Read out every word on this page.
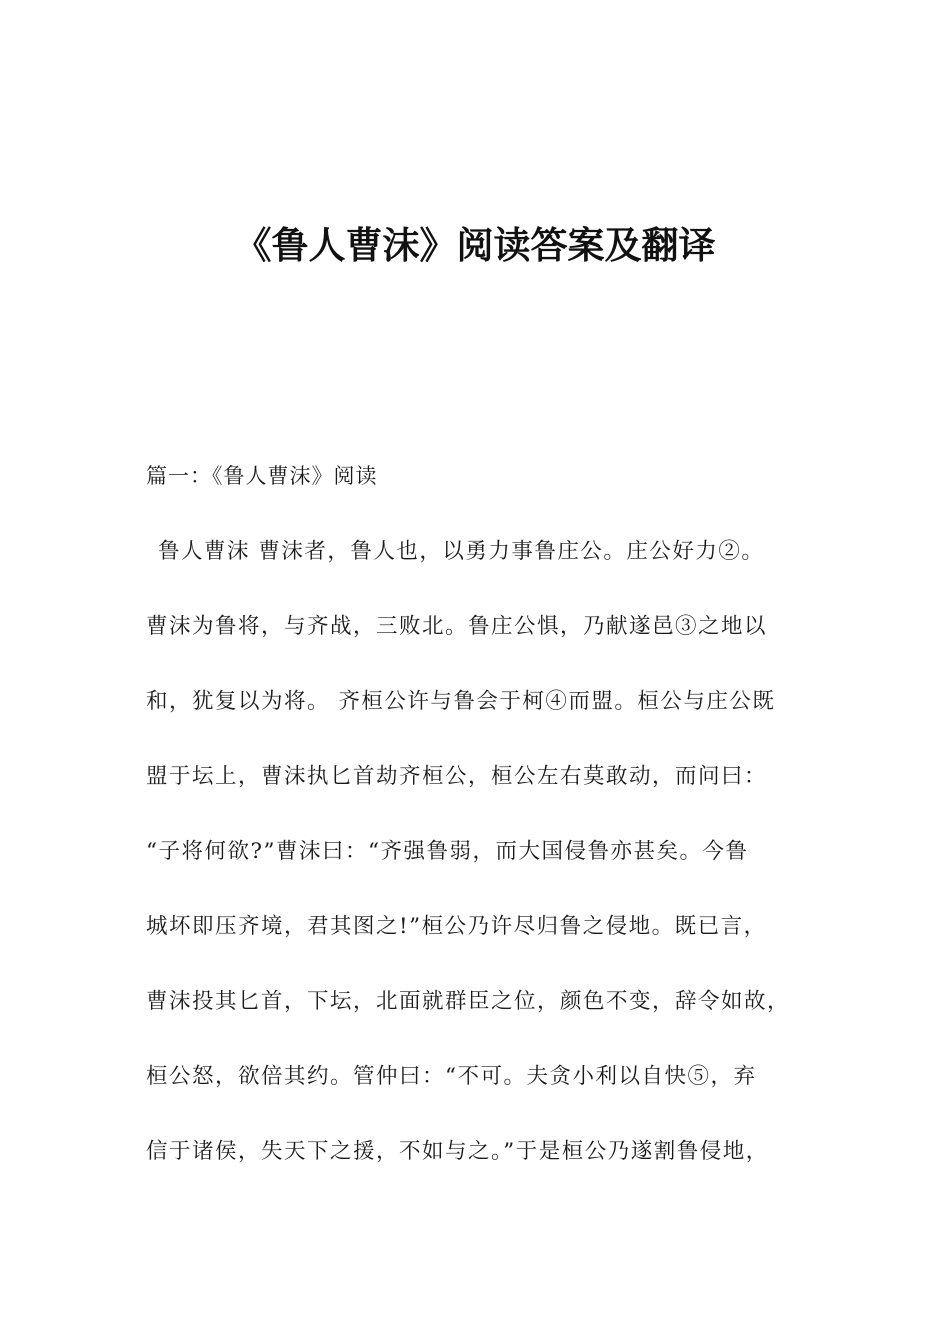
《鲁人曹沫》阅读答案及翻译

篇一：《鲁人曹沫》阅读

鲁人曹沫 曹沫者，鲁人也，以勇力事鲁庄公。庄公好力②。
曹沫为鲁将，与齐战，三败北。鲁庄公惧，乃献遂邑③之地以
和，犹复以为将。 齐桓公许与鲁会于柯④而盟。桓公与庄公既
盟于坛上，曹沫执匕首劫齐桓公，桓公左右莫敢动，而问曰：
“子将何欲?”曹沫曰：“齐强鲁弱，而大国侵鲁亦甚矣。今鲁
城坏即压齐境，君其图之!”桓公乃许尽归鲁之侵地。既已言，
曹沫投其匕首，下坛，北面就群臣之位，颜色不变，辞令如故，
桓公怒，欲倍其约。管仲曰：“不可。夫贪小利以自快⑤，弃
信于诸侯，失天下之援，不如与之。”于是桓公乃遂割鲁侵地，
